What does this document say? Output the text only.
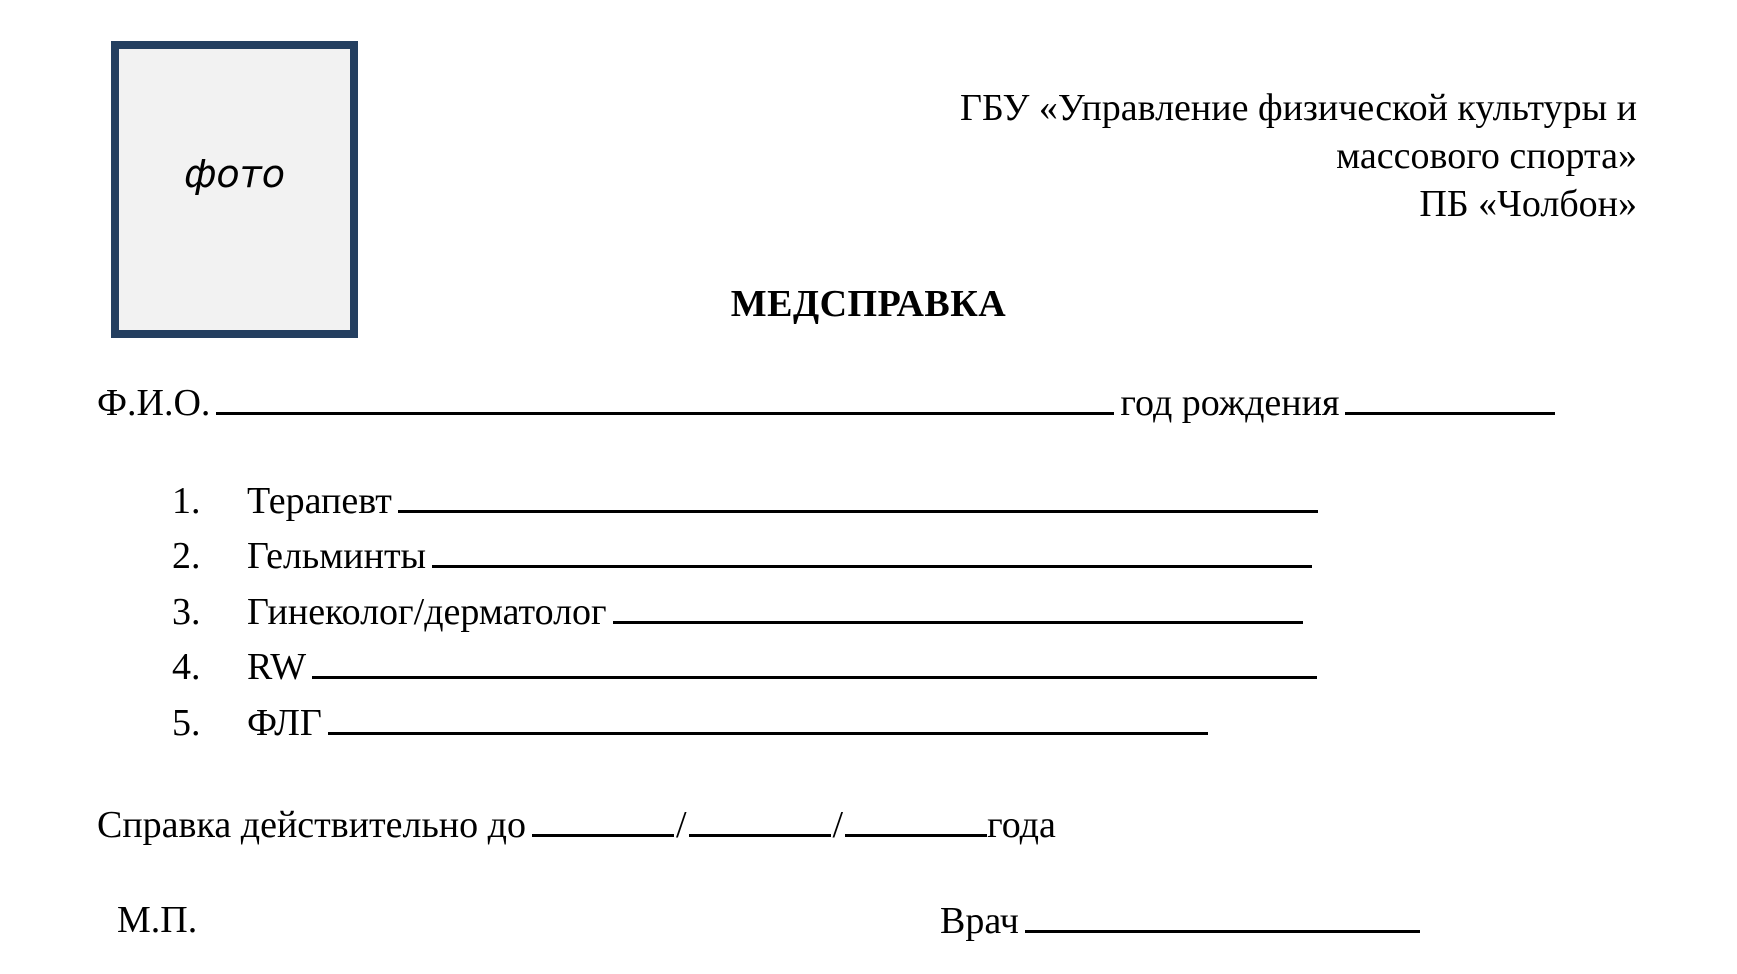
фото
ГБУ «Управление физической культуры и
массового спорта»
ПБ «Чолбон»
МЕДСПРАВКА
Ф.И.О.	год рождения
1.	Терапевт
2.	Гельминты
3.	Гинеколог/дерматолог
4.	RW
5.	ФЛГ
Справка действительно до	/	/	года
М.П.	Врач
